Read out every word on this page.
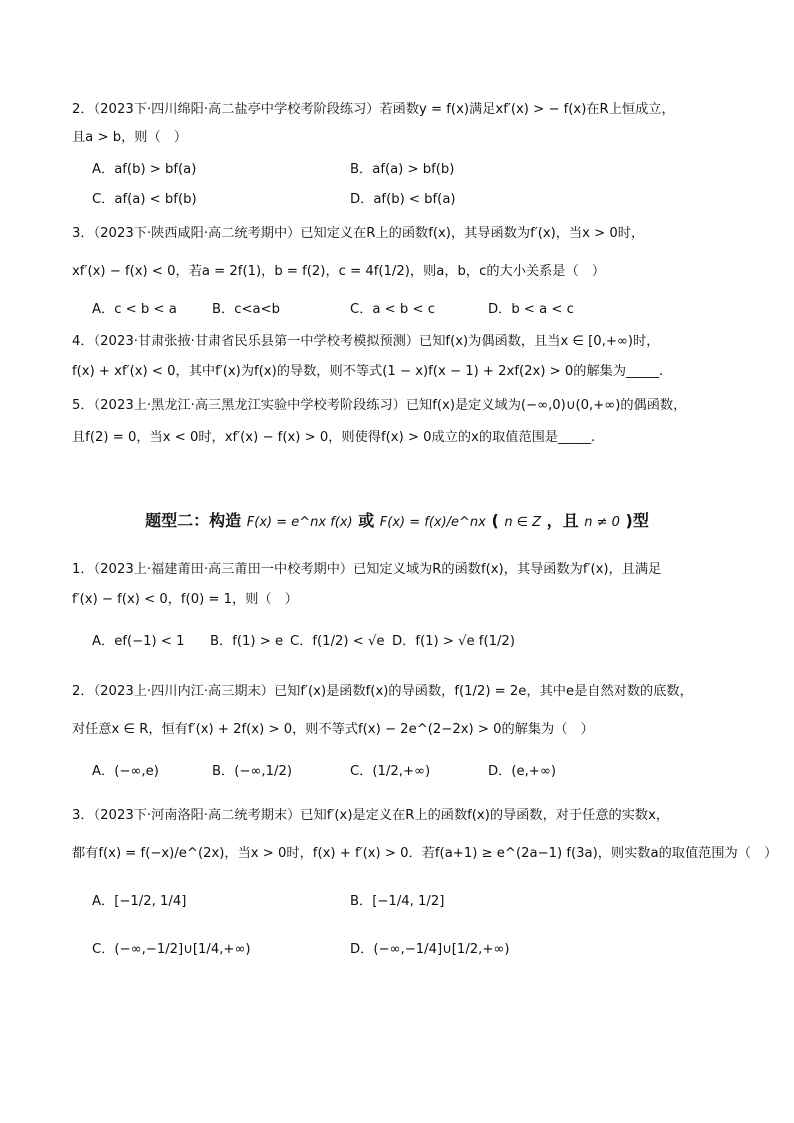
2．（2023下·四川绵阳·高二盐亭中学校考阶段练习）若函数y = f(x)满足xf′(x) > − f(x)在R上恒成立，
且a > b，则（　）
A．af(b) > bf(a)	B．af(a) > bf(b)
C．af(a) < bf(b)	D．af(b) < bf(a)
3．（2023下·陕西咸阳·高二统考期中）已知定义在R上的函数f(x)，其导函数为f′(x)，当x > 0时，
xf′(x) − f(x) < 0，若a = 2f(1)，b = f(2)，c = 4f(1/2)，则a，b，c的大小关系是（　）
A．c < b < a	B．c<a<b	C．a < b < c	D．b < a < c
4．（2023·甘肃张掖·甘肃省民乐县第一中学校考模拟预测）已知f(x)为偶函数，且当x ∈ [0,+∞)时，
f(x) + xf′(x) < 0，其中f′(x)为f(x)的导数，则不等式(1 − x)f(x − 1) + 2xf(2x) > 0的解集为_____.
5．（2023上·黑龙江·高三黑龙江实验中学校考阶段练习）已知f(x)是定义域为(−∞,0)∪(0,+∞)的偶函数，
且f(2) = 0，当x < 0时，xf′(x) − f(x) > 0，则使得f(x) > 0成立的x的取值范围是_____.
题型二：构造 F(x) = e^nx f(x) 或 F(x) = f(x)/e^nx ( n ∈ Z ，且 n ≠ 0 )型
1．（2023上·福建莆田·高三莆田一中校考期中）已知定义域为R的函数f(x)，其导函数为f′(x)，且满足
f′(x) − f(x) < 0，f(0) = 1，则（　）
A．ef(−1) < 1 B．f(1) > e C．f(1/2) < √e D．f(1) > √e f(1/2)
2．（2023上·四川内江·高三期末）已知f′(x)是函数f(x)的导函数，f(1/2) = 2e，其中e是自然对数的底数，
对任意x ∈ R，恒有f′(x) + 2f(x) > 0，则不等式f(x) − 2e^(2−2x) > 0的解集为（　）
A．(−∞,e)	B．(−∞,1/2)	C．(1/2,+∞)	D．(e,+∞)
3．（2023下·河南洛阳·高二统考期末）已知f′(x)是定义在R上的函数f(x)的导函数，对于任意的实数x，
都有f(x) = f(−x)/e^(2x)，当x > 0时，f(x) + f′(x) > 0．若f(a+1) ≥ e^(2a−1) f(3a)，则实数a的取值范围为（　）
A．[−1/2, 1/4]	B．[−1/4, 1/2]
C．(−∞,−1/2]∪[1/4,+∞)	D．(−∞,−1/4]∪[1/2,+∞)
